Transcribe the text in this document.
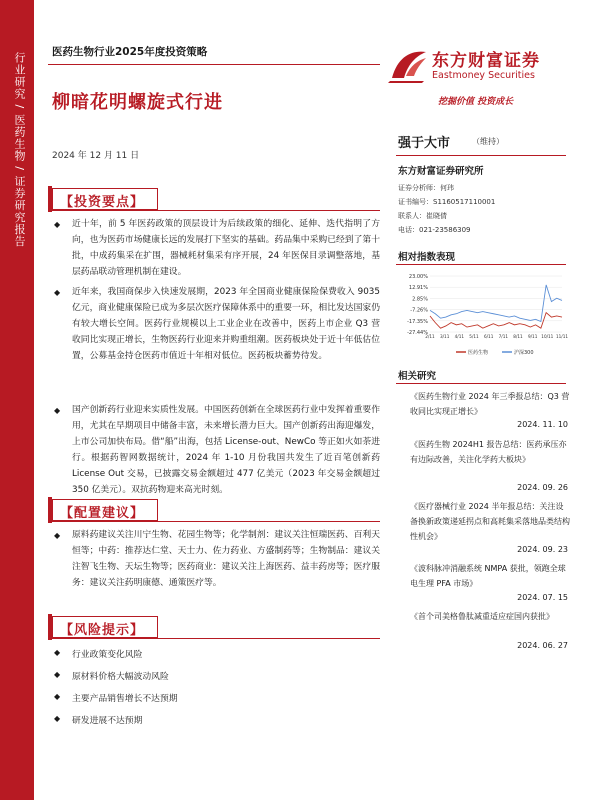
行业研究 / 医药生物 / 证券研究报告 医药生物行业2025年度投资策略
柳暗花明螺旋式行进
2024 年 12 月 11 日
东方财富证券
Eastmoney Securities
挖掘价值 投资成长
强于大市	（维持）
东方财富证券研究所
证券分析师：何玮
证书编号：S1160517110001
联系人：崔晓倩
电话：021-23586309
相对指数表现
23.00%
12.91%
2.85%
-7.26%
-17.35%
-27.44%
2/11 3/11 4/11 5/11 6/11 7/11 8/11 9/11 10/11 11/11
医药生物	沪深300
相关研究
《医药生物行业 2024 年三季报总结：Q3 营收同比实现正增长》
2024. 11. 10
《医药生物 2024H1 报告总结：医药承压亦有边际改善，关注化学药大板块》
2024. 09. 26
《医疗器械行业 2024 半年报总结：关注设备换新政策递延拐点和高耗集采落地品类结构性机会》
2024. 09. 23
《波科脉冲消融系统 NMPA 获批，领跑全球电生理 PFA 市场》
2024. 07. 15
《首个司美格鲁肽减重适应症国内获批》
2024. 06. 27
【投资要点】
◆ 近十年，前 5 年医药政策的顶层设计为后续政策的细化、延伸、迭代指明了方向，也为医药市场健康长远的发展打下坚实的基础。药品集中采购已经到了第十批，中成药集采在扩围，器械耗材集采有序开展，24 年医保目录调整落地，基层药品联动管理机制在建设。
◆ 近年来，我国商保步入快速发展期，2023 年全国商业健康保险保费收入 9035 亿元，商业健康保险已成为多层次医疗保障体系中的重要一环，相比发达国家仍有较大增长空间。医药行业规模以上工业企业在改善中，医药上市企业 Q3 营收同比实现正增长，生物医药行业迎来并购重组潮。医药板块处于近十年低估位置，公募基金持仓医药市值近十年相对低位。医药板块蓄势待发。
◆ 国产创新药行业迎来实质性发展。中国医药创新在全球医药行业中发挥着重要作用，尤其在早期项目中储备丰富，未来增长潜力巨大。国产创新药出海迎爆发，上市公司加快布局。借“船”出海，包括 License-out、NewCo 等正如火如荼进行。根据药智网数据统计，2024 年 1-10 月份我国共发生了近百笔创新药 License Out 交易，已披露交易金额超过 477 亿美元（2023 年交易金额超过 350 亿美元）。双抗药物迎来高光时刻。
【配置建议】
◆ 原料药建议关注川宁生物、花园生物等；化学制剂：建议关注恒瑞医药、百利天恒等；中药：推荐达仁堂、天士力、佐力药业、方盛制药等；生物制品：建议关注智飞生物、天坛生物等；医药商业：建议关注上海医药、益丰药房等；医疗服务：建议关注药明康德、通策医疗等。
【风险提示】
◆ 行业政策变化风险
◆ 原材料价格大幅波动风险
◆ 主要产品销售增长不达预期
◆ 研发进展不达预期
